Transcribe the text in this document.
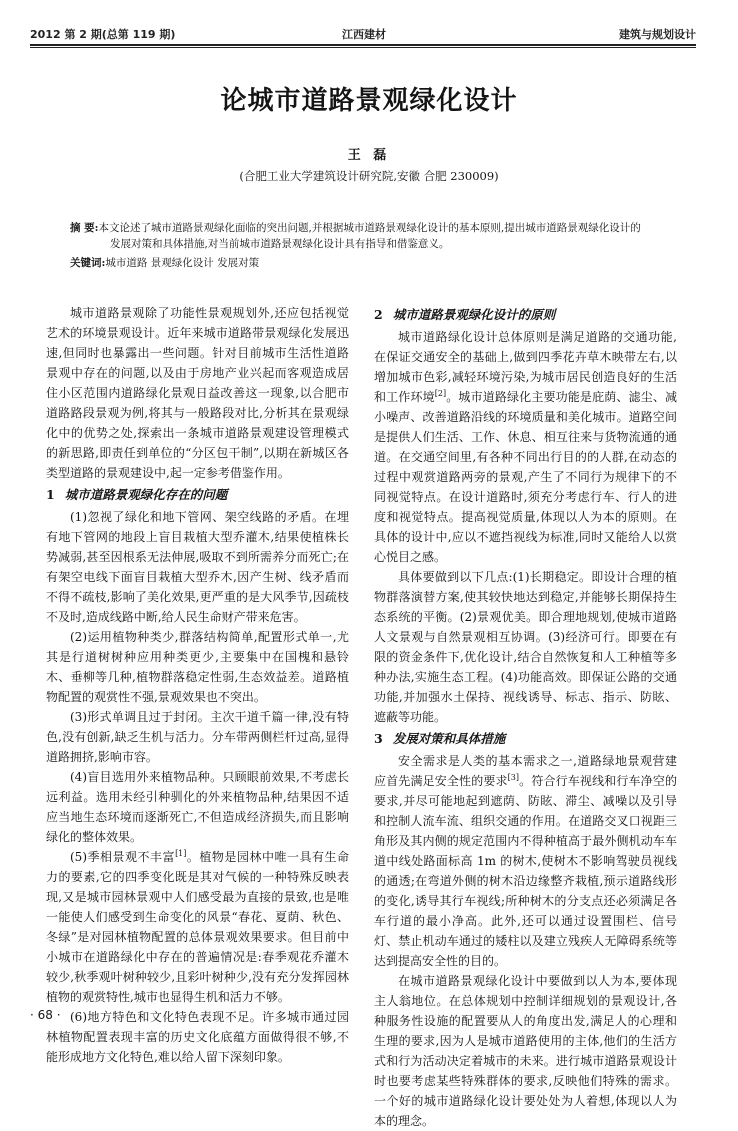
2012 第 2 期(总第 119 期)	江西建材	建筑与规划设计
论城市道路景观绿化设计
王 磊
(合肥工业大学建筑设计研究院,安徽 合肥 230009)
摘 要:本文论述了城市道路景观绿化面临的突出问题,并根据城市道路景观绿化设计的基本原则,提出城市道路景观绿化设计的
发展对策和具体措施,对当前城市道路景观绿化设计具有指导和借鉴意义。
关键词:城市道路 景观绿化设计 发展对策

城市道路景观除了功能性景观规划外,还应包括视觉艺术的环境景观设计。近年来城市道路带景观绿化发展迅速,但同时也暴露出一些问题。针对目前城市生活性道路景观中存在的问题,以及由于房地产业兴起而客观造成居住小区范围内道路绿化景观日益改善这一现象,以合肥市道路路段景观为例,将其与一般路段对比,分析其在景观绿化中的优势之处,探索出一条城市道路景观建设管理模式的新思路,即责任到单位的“分区包干制”,以期在新城区各类型道路的景观建设中,起一定参考借鉴作用。

1 城市道路景观绿化存在的问题

(1)忽视了绿化和地下管网、架空线路的矛盾。在埋有地下管网的地段上盲目栽植大型乔灌木,结果使植株长势减弱,甚至因根系无法伸展,吸取不到所需养分而死亡;在有架空电线下面盲目栽植大型乔木,因产生树、线矛盾而不得不疏枝,影响了美化效果,更严重的是大风季节,因疏枝不及时,造成线路中断,给人民生命财产带来危害。

(2)运用植物种类少,群落结构简单,配置形式单一,尤其是行道树树种应用种类更少,主要集中在国槐和悬铃木、垂柳等几种,植物群落稳定性弱,生态效益差。道路植物配置的观赏性不强,景观效果也不突出。

(3)形式单调且过于封闭。主次干道千篇一律,没有特色,没有创新,缺乏生机与活力。分车带两侧栏杆过高,显得道路拥挤,影响市容。

(4)盲目选用外来植物品种。只顾眼前效果,不考虑长远利益。选用未经引种驯化的外来植物品种,结果因不适应当地生态环境而逐渐死亡,不但造成经济损失,而且影响绿化的整体效果。

(5)季相景观不丰富[1]。植物是园林中唯一具有生命力的要素,它的四季变化既是其对气候的一种特殊反映表现,又是城市园林景观中人们感受最为直接的景致,也是唯一能使人们感受到生命变化的风景“春花、夏荫、秋色、冬绿”是对园林植物配置的总体景观效果要求。但目前中小城市在道路绿化中存在的普遍情况是:春季观花乔灌木较少,秋季观叶树种较少,且彩叶树种少,没有充分发挥园林植物的观赏特性,城市也显得生机和活力不够。

(6)地方特色和文化特色表现不足。许多城市通过园林植物配置表现丰富的历史文化底蕴方面做得很不够,不能形成地方文化特色,难以给人留下深刻印象。

2 城市道路景观绿化设计的原则

城市道路绿化设计总体原则是满足道路的交通功能,在保证交通安全的基础上,做到四季花卉草木映带左右,以增加城市色彩,减轻环境污染,为城市居民创造良好的生活和工作环境[2]。城市道路绿化主要功能是庇荫、滤尘、减小噪声、改善道路沿线的环境质量和美化城市。道路空间是提供人们生活、工作、休息、相互往来与货物流通的通道。在交通空间里,有各种不同出行目的的人群,在动态的过程中观赏道路两旁的景观,产生了不同行为规律下的不同视觉特点。在设计道路时,须充分考虑行车、行人的进度和视觉特点。提高视觉质量,体现以人为本的原则。在具体的设计中,应以不遮挡视线为标准,同时又能给人以赏心悦目之感。

具体要做到以下几点:(1)长期稳定。即设计合理的植物群落演替方案,使其较快地达到稳定,并能够长期保持生态系统的平衡。(2)景观优美。即合理地规划,使城市道路人文景观与自然景观相互协调。(3)经济可行。即要在有限的资金条件下,优化设计,结合自然恢复和人工种植等多种办法,实施生态工程。(4)功能高效。即保证公路的交通功能,并加强水土保持、视线诱导、标志、指示、防眩、遮蔽等功能。

3 发展对策和具体措施

安全需求是人类的基本需求之一,道路绿地景观营建应首先满足安全性的要求[3]。符合行车视线和行车净空的要求,并尽可能地起到遮荫、防眩、滞尘、减噪以及引导和控制人流车流、组织交通的作用。在道路交叉口视距三角形及其内侧的规定范围内不得种植高于最外侧机动车车道中线处路面标高 1m 的树木,使树木不影响驾驶员视线的通透;在弯道外侧的树木沿边缘整齐栽植,预示道路线形的变化,诱导其行车视线;所种树木的分支点还必须满足各车行道的最小净高。此外,还可以通过设置围栏、信号灯、禁止机动车通过的矮柱以及建立残疾人无障碍系统等达到提高安全性的目的。

在城市道路景观绿化设计中要做到以人为本,要体现主人翁地位。在总体规划中控制详细规划的景观设计,各种服务性设施的配置要从人的角度出发,满足人的心理和生理的要求,因为人是城市道路使用的主体,他们的生活方式和行为活动决定着城市的未来。进行城市道路景观设计时也要考虑某些特殊群体的要求,反映他们特殊的需求。一个好的城市道路绿化设计要处处为人着想,体现以人为本的理念。

· 68 ·
